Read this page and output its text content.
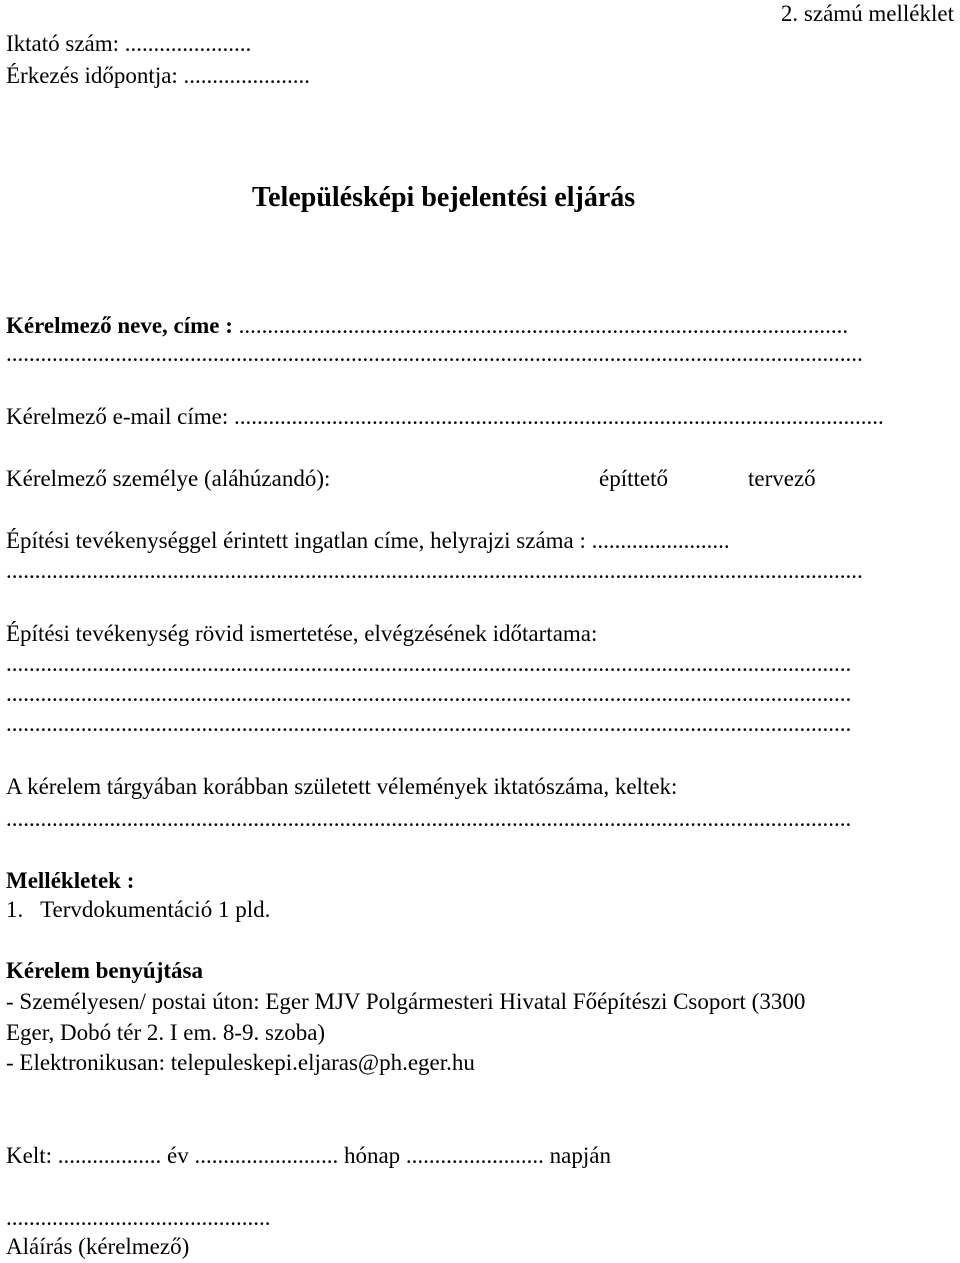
2. számú melléklet

Iktató szám: ......................

Érkezés időpontja: ......................

Településképi bejelentési eljárás

Kérelmező neve, címe : ..........................................................................................................

.....................................................................................................................................................

Kérelmező e-mail címe: .................................................................................................................

Kérelmező személye (aláhúzandó):	építtető	tervező

Építési tevékenységgel érintett ingatlan címe, helyrajzi száma : ........................

.....................................................................................................................................................

Építési tevékenység rövid ismertetése, elvégzésének időtartama:

...................................................................................................................................................

...................................................................................................................................................

...................................................................................................................................................

A kérelem tárgyában korábban született vélemények iktatószáma, keltek:

...................................................................................................................................................

Mellékletek :

1.   Tervdokumentáció 1 pld.

Kérelem benyújtása

- Személyesen/ postai úton: Eger MJV Polgármesteri Hivatal Főépítészi Csoport (3300

Eger, Dobó tér 2. I em. 8-9. szoba)

- Elektronikusan: telepuleskepi.eljaras@ph.eger.hu

Kelt: .................. év ......................... hónap ........................ napján

..............................................

Aláírás (kérelmező)
